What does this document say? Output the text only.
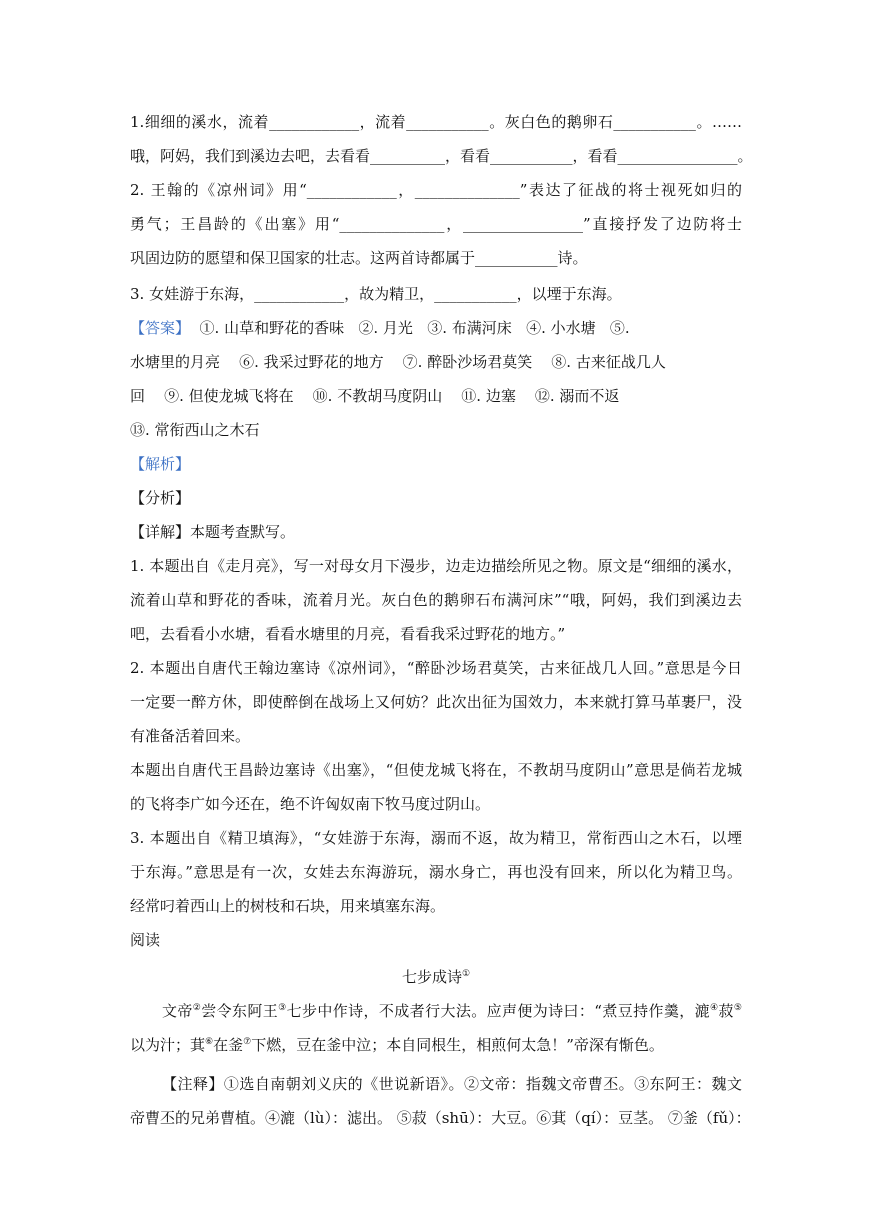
1.细细的溪水，流着____________，流着___________。灰白色的鹅卵石___________。……
哦，阿妈，我们到溪边去吧，去看看__________，看看___________，看看________________。
2. 王翰的《凉州词》用“____________，______________”表达了征战的将士视死如归的
勇气；王昌龄的《出塞》用“______________，________________”直接抒发了边防将士
巩固边防的愿望和保卫国家的壮志。这两首诗都属于___________诗。
3. 女娃游于东海，____________，故为精卫，___________，以堙于东海。
【答案】  ①. 山草和野花的香味   ②. 月光   ③. 布满河床   ④. 小水塘   ⑤.
水塘里的月亮    ⑥. 我采过野花的地方    ⑦. 醉卧沙场君莫笑    ⑧. 古来征战几人
回    ⑨. 但使龙城飞将在    ⑩. 不教胡马度阴山    ⑪. 边塞    ⑫. 溺而不返
⑬. 常衔西山之木石
【解析】
【分析】
【详解】本题考查默写。
1. 本题出自《走月亮》，写一对母女月下漫步，边走边描绘所见之物。原文是“细细的溪水，
流着山草和野花的香味，流着月光。灰白色的鹅卵石布满河床”“哦，阿妈，我们到溪边去
吧，去看看小水塘，看看水塘里的月亮，看看我采过野花的地方。”
2. 本题出自唐代王翰边塞诗《凉州词》，“醉卧沙场君莫笑，古来征战几人回。”意思是今日
一定要一醉方休，即使醉倒在战场上又何妨？此次出征为国效力，本来就打算马革裹尸，没
有准备活着回来。
本题出自唐代王昌龄边塞诗《出塞》，“但使龙城飞将在，不教胡马度阴山”意思是倘若龙城
的飞将李广如今还在，绝不许匈奴南下牧马度过阴山。
3. 本题出自《精卫填海》，“女娃游于东海，溺而不返，故为精卫，常衔西山之木石，以堙
于东海。”意思是有一次，女娃去东海游玩，溺水身亡，再也没有回来，所以化为精卫鸟。
经常叼着西山上的树枝和石块，用来填塞东海。
阅读
七步成诗①
文帝②尝令东阿王③七步中作诗，不成者行大法。应声便为诗曰：“煮豆持作羹，漉④菽⑤
以为汁；萁⑥在釜⑦下燃，豆在釜中泣；本自同根生，相煎何太急！”帝深有惭色。
【注释】①选自南朝刘义庆的《世说新语》。②文帝：指魏文帝曹丕。③东阿王：魏文
帝曹丕的兄弟曹植。④漉（lù）：滤出。 ⑤菽（shū）：大豆。⑥萁（qí）：豆茎。 ⑦釜（fǔ）：
